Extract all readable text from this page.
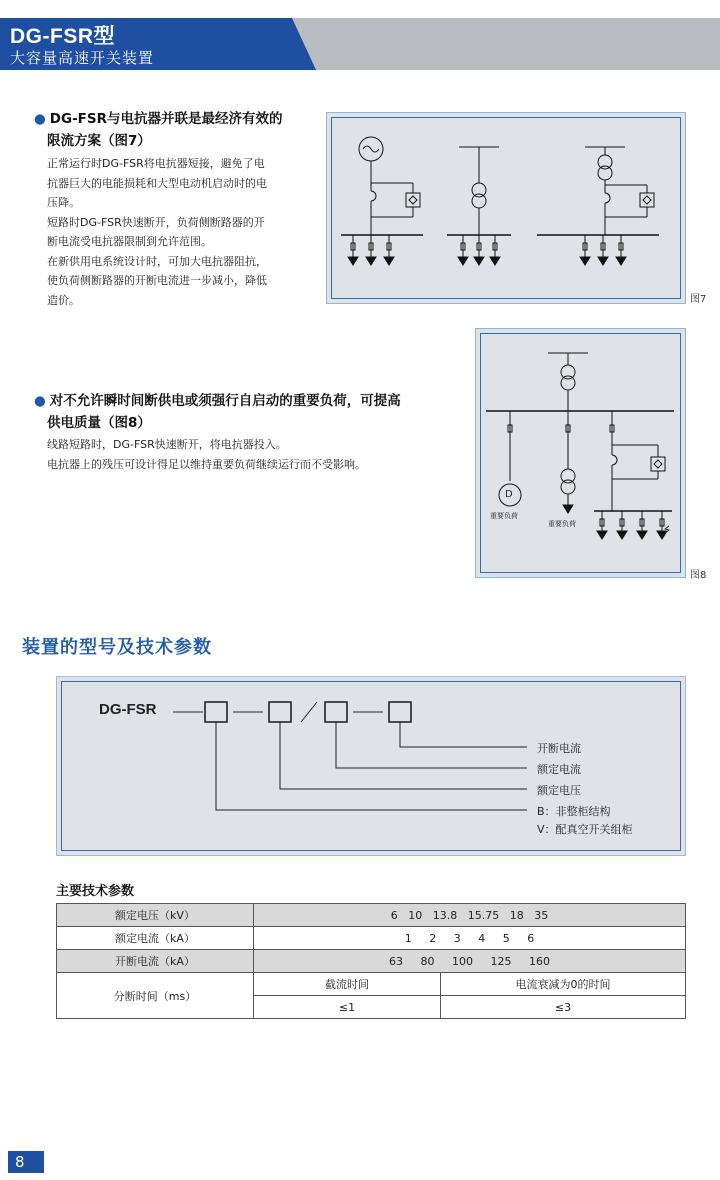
DG-FSR型
大容量高速开关装置
● DG-FSR与电抗器并联是最经济有效的
限流方案（图7）
正常运行时DG-FSR将电抗器短接，避免了电
抗器巨大的电能损耗和大型电动机启动时的电
压降。
短路时DG-FSR快速断开，负荷侧断路器的开
断电流受电抗器限制到允许范围。
在新供用电系统设计时，可加大电抗器阻抗，
使负荷侧断路器的开断电流进一步减小，降低
造价。	图7
● 对不允许瞬时间断供电或须强行自启动的重要负荷，可提高
供电质量（图8）
线路短路时，DG-FSR快速断开，将电抗器投入。
电抗器上的残压可设计得足以维持重要负荷继续运行而不受影响。
D
重要负荷
重要负荷
图8
装置的型号及技术参数
DG-FSR
开断电流
额定电流
额定电压
B：非整柜结构
V：配真空开关组柜
主要技术参数
额定电压（kV）	6   10   13.8   15.75   18   35	
额定电流（kA）	1     2     3     4     5     6	
开断电流（kA）	63     80     100     125     160	
分断时间（ms）	截流时间	电流衰减为0的时间
	≤1	≤3
8
